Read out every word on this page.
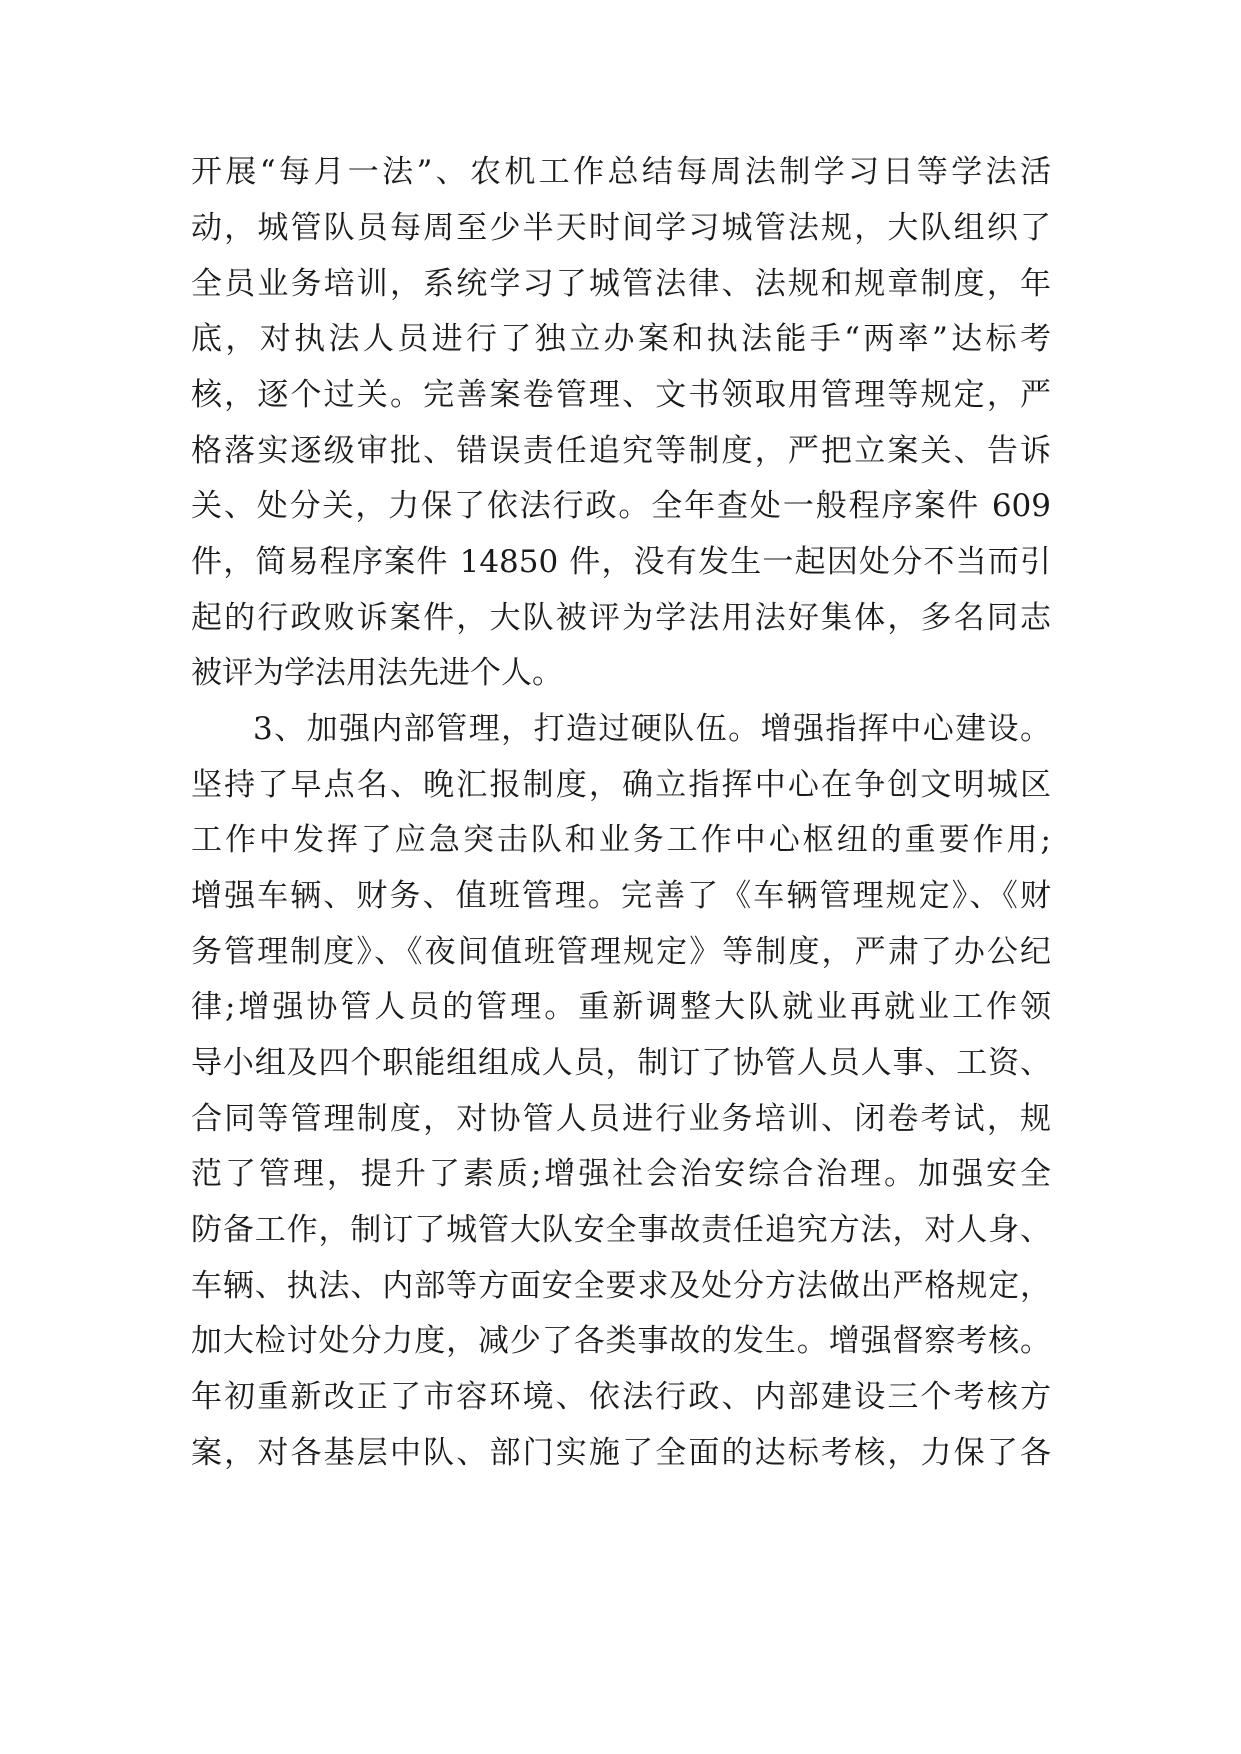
开展“每月一法”、农机工作总结每周法制学习日等学法活
动，城管队员每周至少半天时间学习城管法规，大队组织了
全员业务培训，系统学习了城管法律、法规和规章制度，年
底，对执法人员进行了独立办案和执法能手“两率”达标考
核，逐个过关。完善案卷管理、文书领取用管理等规定，严
格落实逐级审批、错误责任追究等制度，严把立案关、告诉
关、处分关，力保了依法行政。全年查处一般程序案件 609
件，简易程序案件 14850 件，没有发生一起因处分不当而引
起的行政败诉案件，大队被评为学法用法好集体，多名同志
被评为学法用法先进个人。
3、加强内部管理，打造过硬队伍。增强指挥中心建设。
坚持了早点名、晚汇报制度，确立指挥中心在争创文明城区
工作中发挥了应急突击队和业务工作中心枢纽的重要作用;
增强车辆、财务、值班管理。完善了《车辆管理规定》、《财
务管理制度》、《夜间值班管理规定》等制度，严肃了办公纪
律;增强协管人员的管理。重新调整大队就业再就业工作领
导小组及四个职能组组成人员，制订了协管人员人事、工资、
合同等管理制度，对协管人员进行业务培训、闭卷考试，规
范了管理，提升了素质;增强社会治安综合治理。加强安全
防备工作，制订了城管大队安全事故责任追究方法，对人身、
车辆、执法、内部等方面安全要求及处分方法做出严格规定，
加大检讨处分力度，减少了各类事故的发生。增强督察考核。
年初重新改正了市容环境、依法行政、内部建设三个考核方
案，对各基层中队、部门实施了全面的达标考核，力保了各
